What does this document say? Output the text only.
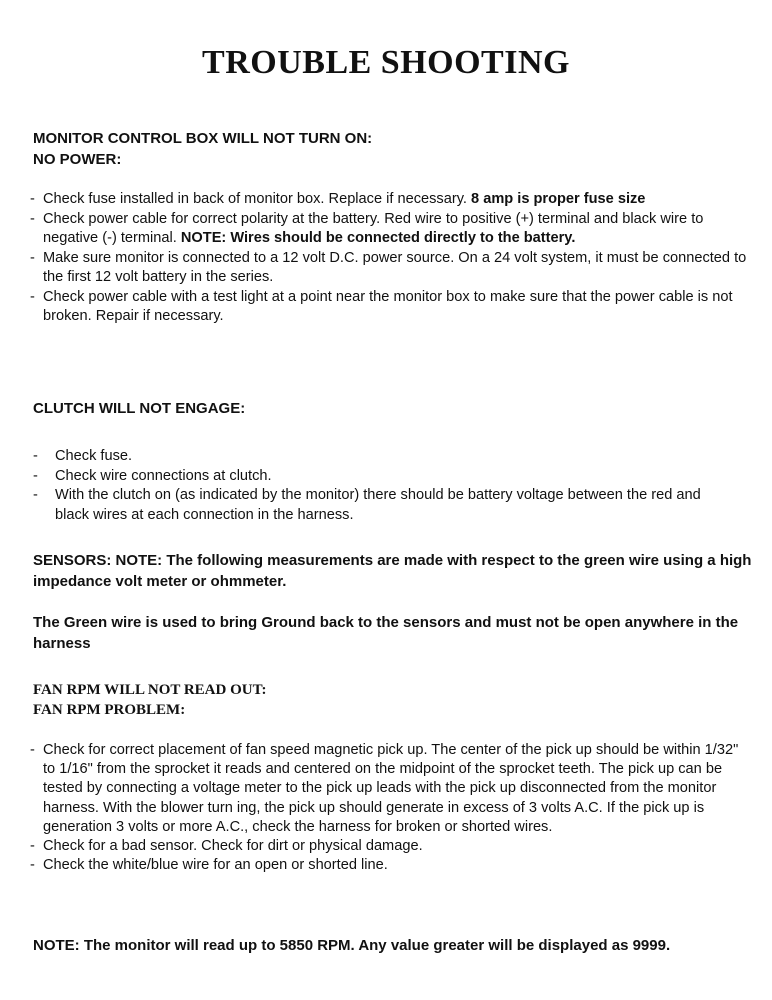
TROUBLE SHOOTING

MONITOR CONTROL BOX WILL NOT TURN ON:

NO POWER:

- Check fuse installed in back of monitor box. Replace if necessary. 8 amp is proper fuse size
- Check power cable for correct polarity at the battery. Red wire to positive (+) terminal and black wire to negative (-) terminal. NOTE: Wires should be connected directly to the battery.
- Make sure monitor is connected to a 12 volt D.C. power source. On a 24 volt system, it must be connected to the first 12 volt battery in the series.
- Check power cable with a test light at a point near the monitor box to make sure that the power cable is not broken. Repair if necessary.

CLUTCH WILL NOT ENGAGE:

- Check fuse.
- Check wire connections at clutch.
- With the clutch on (as indicated by the monitor) there should be battery voltage between the red and black wires at each connection in the harness.

SENSORS: NOTE: The following measurements are made with respect to the green wire using a high impedance volt meter or ohmmeter.

The Green wire is used to bring Ground back to the sensors and must not be open anywhere in the harness

FAN RPM WILL NOT READ OUT:

FAN RPM PROBLEM:

- Check for correct placement of fan speed magnetic pick up. The center of the pick up should be within 1/32" to 1/16" from the sprocket it reads and centered on the midpoint of the sprocket teeth. The pick up can be tested by connecting a voltage meter to the pick up leads with the pick up disconnected from the monitor harness. With the blower turn ing, the pick up should generate in excess of 3 volts A.C. If the pick up is generation 3 volts or more A.C., check the harness for broken or shorted wires.
- Check for a bad sensor. Check for dirt or physical damage.
- Check the white/blue wire for an open or shorted line.

NOTE: The monitor will read up to 5850 RPM. Any value greater will be displayed as 9999.
